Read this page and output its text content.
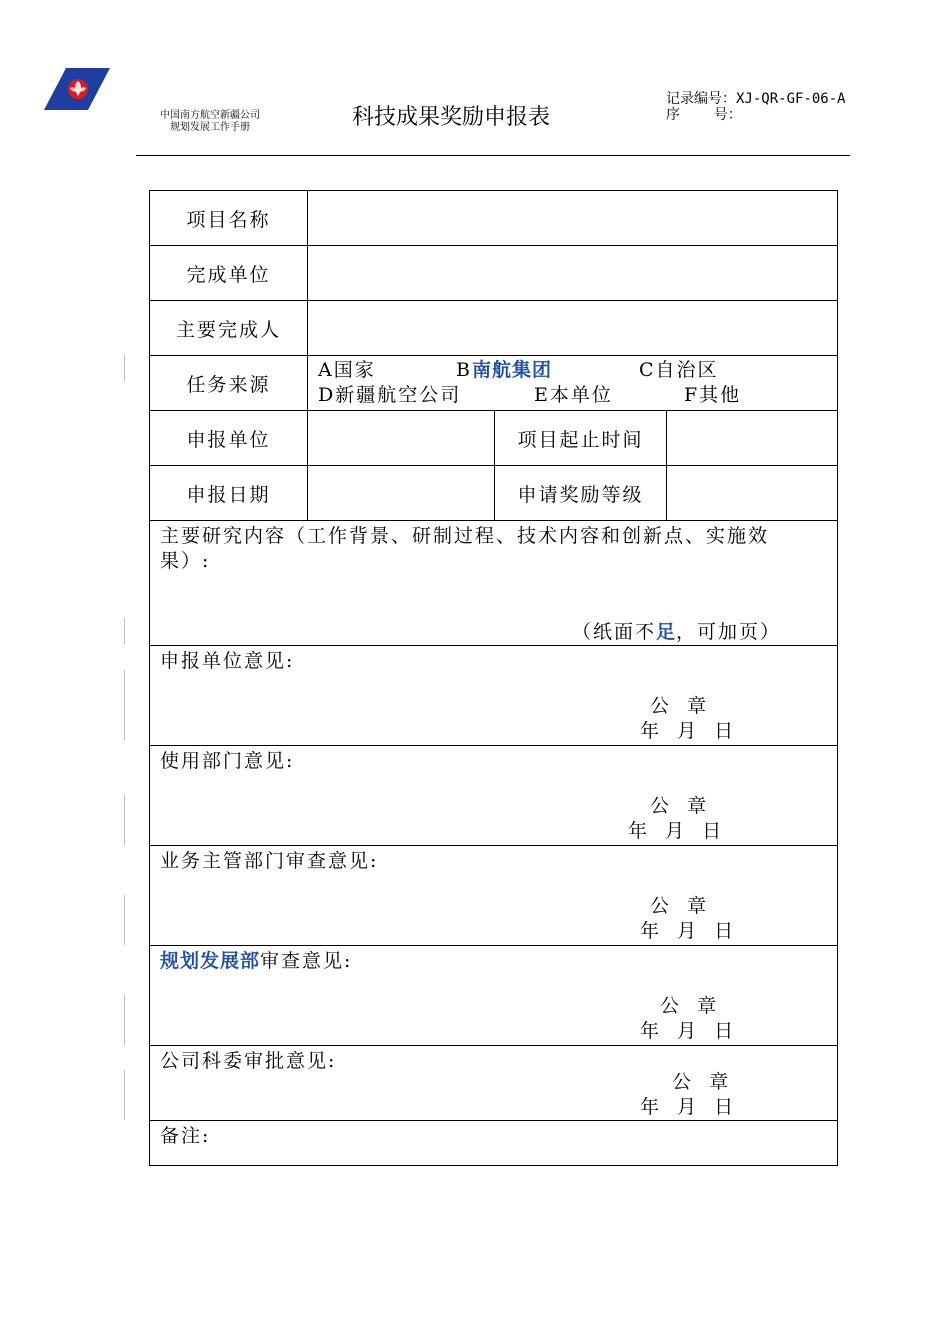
中国南方航空新疆公司
规划发展工作手册	科技成果奖励申报表
记录编号：XJ-QR-GF-06-A
序    号：
项目名称			
完成单位			
主要完成人			
任务来源	A国家 B南航集团 C自治区
D新疆航空公司 E本单位 F其他		

申报单位		项目起止时间	
申报日期		申请奖励等级	

主要研究内容（工作背景、研制过程、技术内容和创新点、实施效
果）:
（纸面不足，可加页）			

申报单位意见:
公  章
年  月  日			

使用部门意见:
公  章
年  月  日			

业务主管部门审查意见:
公  章
年  月  日			

规划发展部审查意见:
公  章
年  月  日			

公司科委审批意见:
公  章
年  月  日			

备注:			
